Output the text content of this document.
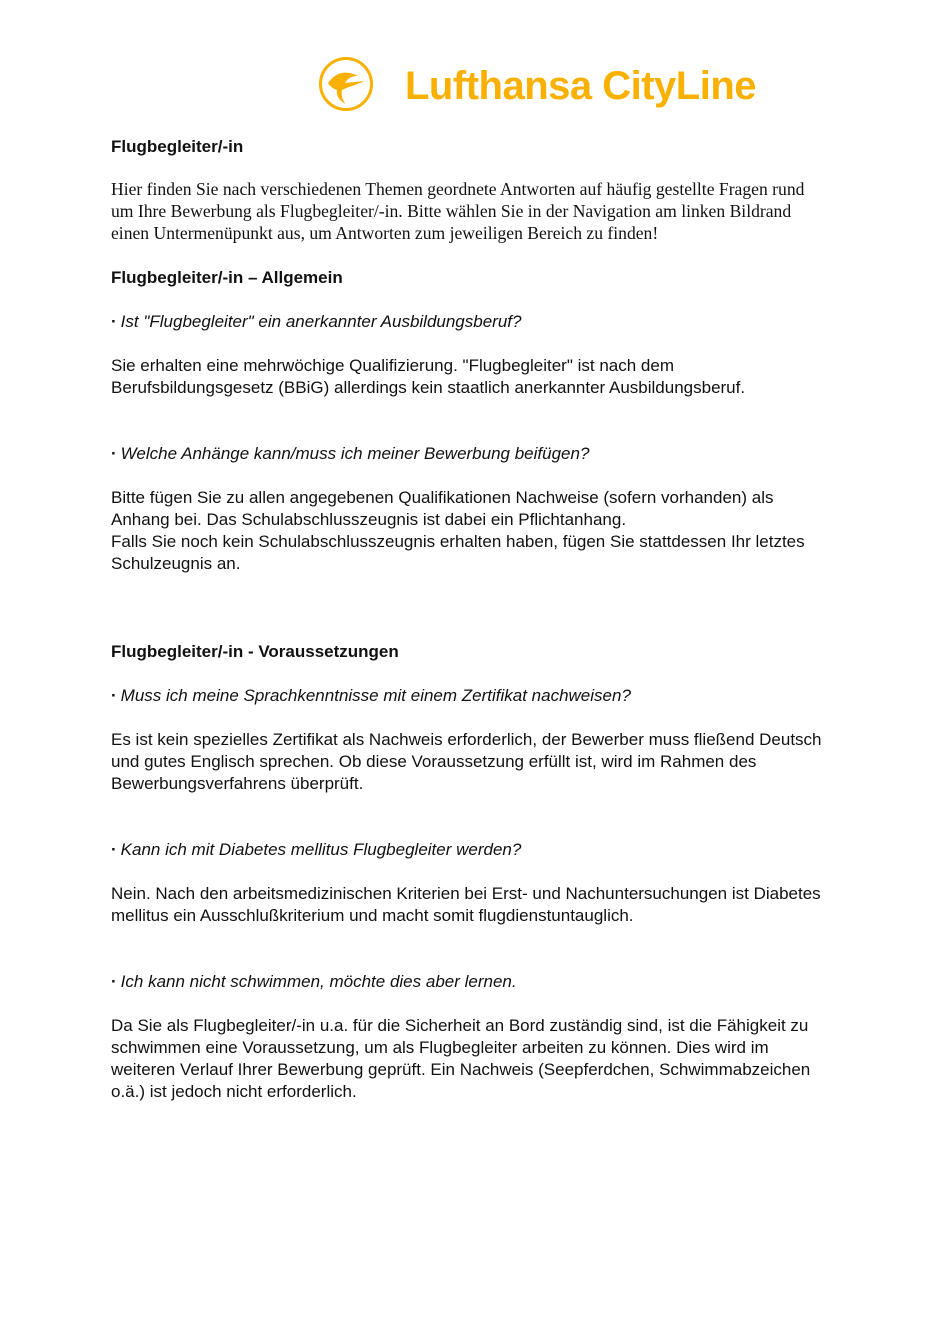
Lufthansa CityLine
Flugbegleiter/-in

Hier finden Sie nach verschiedenen Themen geordnete Antworten auf häufig gestellte Fragen rund um Ihre Bewerbung als Flugbegleiter/-in. Bitte wählen Sie in der Navigation am linken Bildrand einen Untermenüpunkt aus, um Antworten zum jeweiligen Bereich zu finden!

Flugbegleiter/-in – Allgemein

· Ist "Flugbegleiter" ein anerkannter Ausbildungsberuf?

Sie erhalten eine mehrwöchige Qualifizierung. "Flugbegleiter" ist nach dem Berufsbildungsgesetz (BBiG) allerdings kein staatlich anerkannter Ausbildungsberuf.

· Welche Anhänge kann/muss ich meiner Bewerbung beifügen?

Bitte fügen Sie zu allen angegebenen Qualifikationen Nachweise (sofern vorhanden) als Anhang bei. Das Schulabschlusszeugnis ist dabei ein Pflichtanhang.

Falls Sie noch kein Schulabschlusszeugnis erhalten haben, fügen Sie stattdessen Ihr letztes Schulzeugnis an.

Flugbegleiter/-in - Voraussetzungen

· Muss ich meine Sprachkenntnisse mit einem Zertifikat nachweisen?

Es ist kein spezielles Zertifikat als Nachweis erforderlich, der Bewerber muss fließend Deutsch und gutes Englisch sprechen. Ob diese Voraussetzung erfüllt ist, wird im Rahmen des Bewerbungsverfahrens überprüft.

· Kann ich mit Diabetes mellitus Flugbegleiter werden?

Nein. Nach den arbeitsmedizinischen Kriterien bei Erst- und Nachuntersuchungen ist Diabetes mellitus ein Ausschlußkriterium und macht somit flugdienstuntauglich.

· Ich kann nicht schwimmen, möchte dies aber lernen.

Da Sie als Flugbegleiter/-in u.a. für die Sicherheit an Bord zuständig sind, ist die Fähigkeit zu schwimmen eine Voraussetzung, um als Flugbegleiter arbeiten zu können. Dies wird im weiteren Verlauf Ihrer Bewerbung geprüft. Ein Nachweis (Seepferdchen, Schwimmabzeichen o.ä.) ist jedoch nicht erforderlich.
